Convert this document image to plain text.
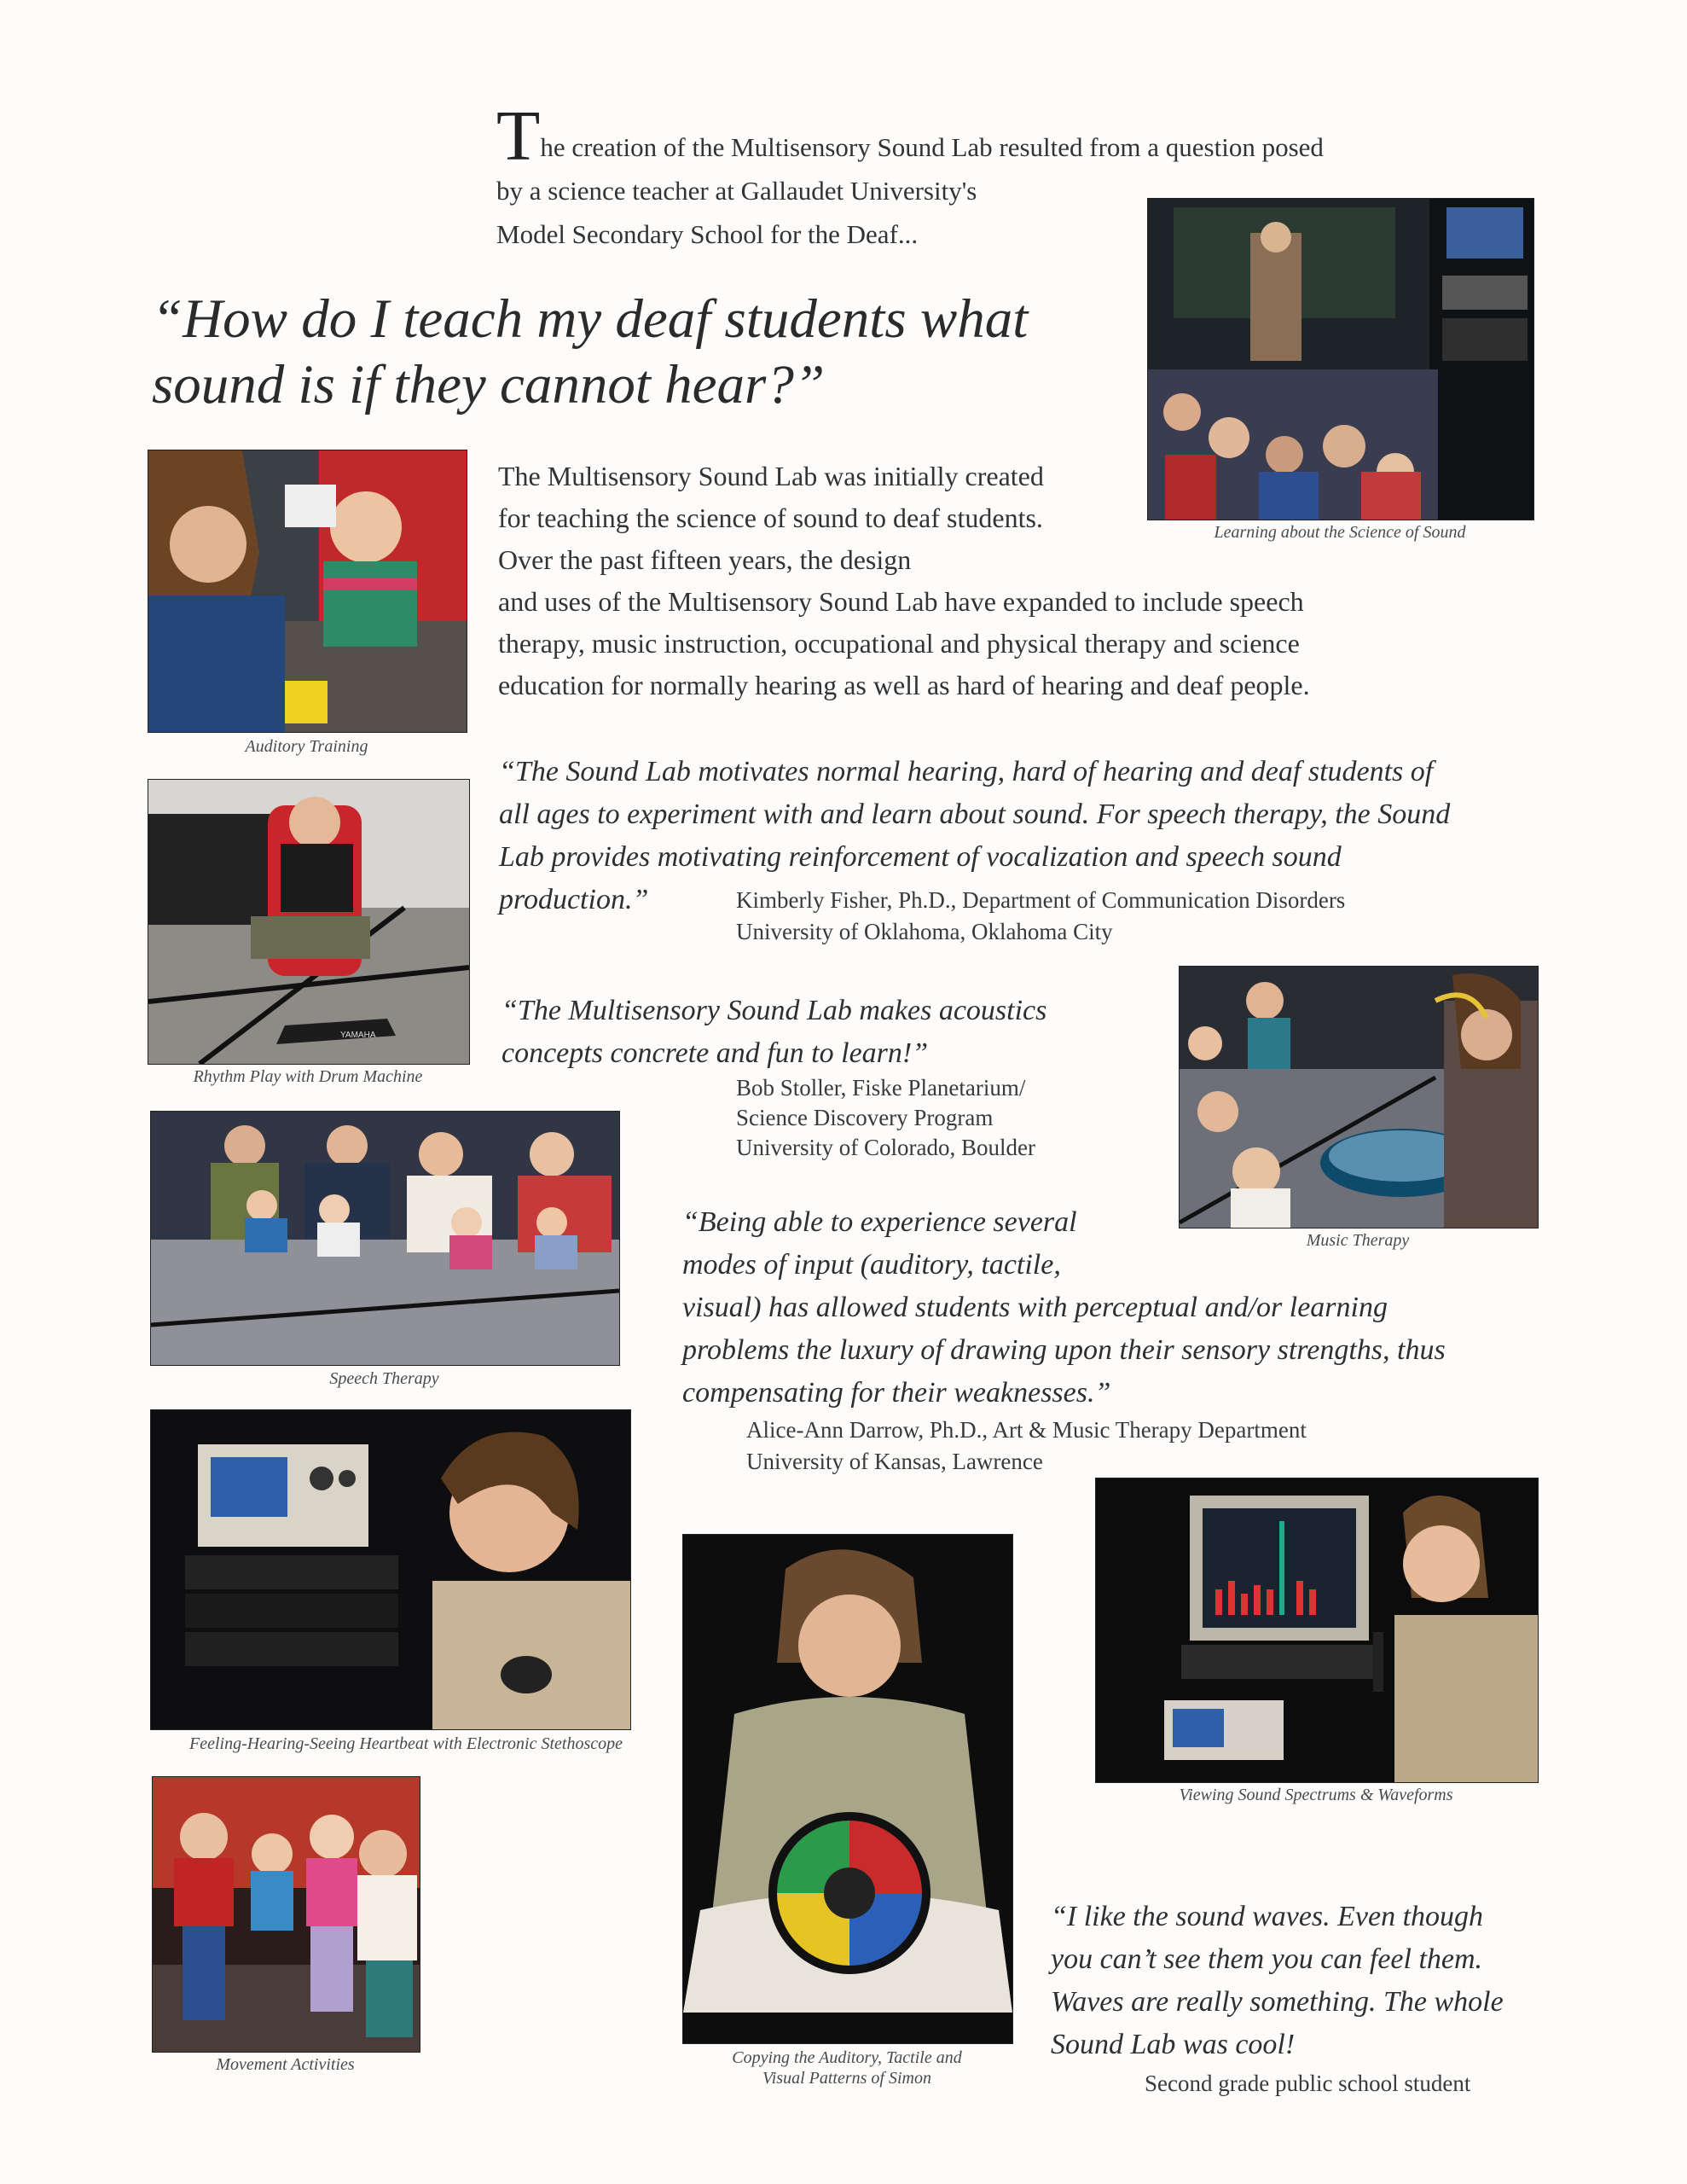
The creation of the Multisensory Sound Lab resulted from a question posed
by a science teacher at Gallaudet University's
Model Secondary School for the Deaf...
“How do I teach my deaf students what
sound is if they cannot hear?”
Learning about the Science of Sound
Auditory Training
The Multisensory Sound Lab was initially created
for teaching the science of sound to deaf students.
Over the past fifteen years, the design
and uses of the Multisensory Sound Lab have expanded to include speech
therapy, music instruction, occupational and physical therapy and science
education for normally hearing as well as hard of hearing and deaf people.
YAMAHA
Rhythm Play with Drum Machine
“The Sound Lab motivates normal hearing, hard of hearing and deaf students of
all ages to experiment with and learn about sound. For speech therapy, the Sound
Lab provides motivating reinforcement of vocalization and speech sound
production.”	Kimberly Fisher, Ph.D., Department of Communication Disorders
University of Oklahoma, Oklahoma City
Music Therapy
“The Multisensory Sound Lab makes acoustics
concepts concrete and fun to learn!”
Bob Stoller, Fiske Planetarium/
Science Discovery Program
University of Colorado, Boulder
Speech Therapy
“Being able to experience several
modes of input (auditory, tactile,
visual) has allowed students with perceptual and/or learning
problems the luxury of drawing upon their sensory strengths, thus
compensating for their weaknesses.”
Alice-Ann Darrow, Ph.D., Art & Music Therapy Department
University of Kansas, Lawrence
Feeling-Hearing-Seeing Heartbeat with Electronic Stethoscope
Viewing Sound Spectrums & Waveforms
Copying the Auditory, Tactile and
Visual Patterns of Simon
Movement Activities
“I like the sound waves. Even though
you can’t see them you can feel them.
Waves are really something. The whole
Sound Lab was cool!
Second grade public school student
